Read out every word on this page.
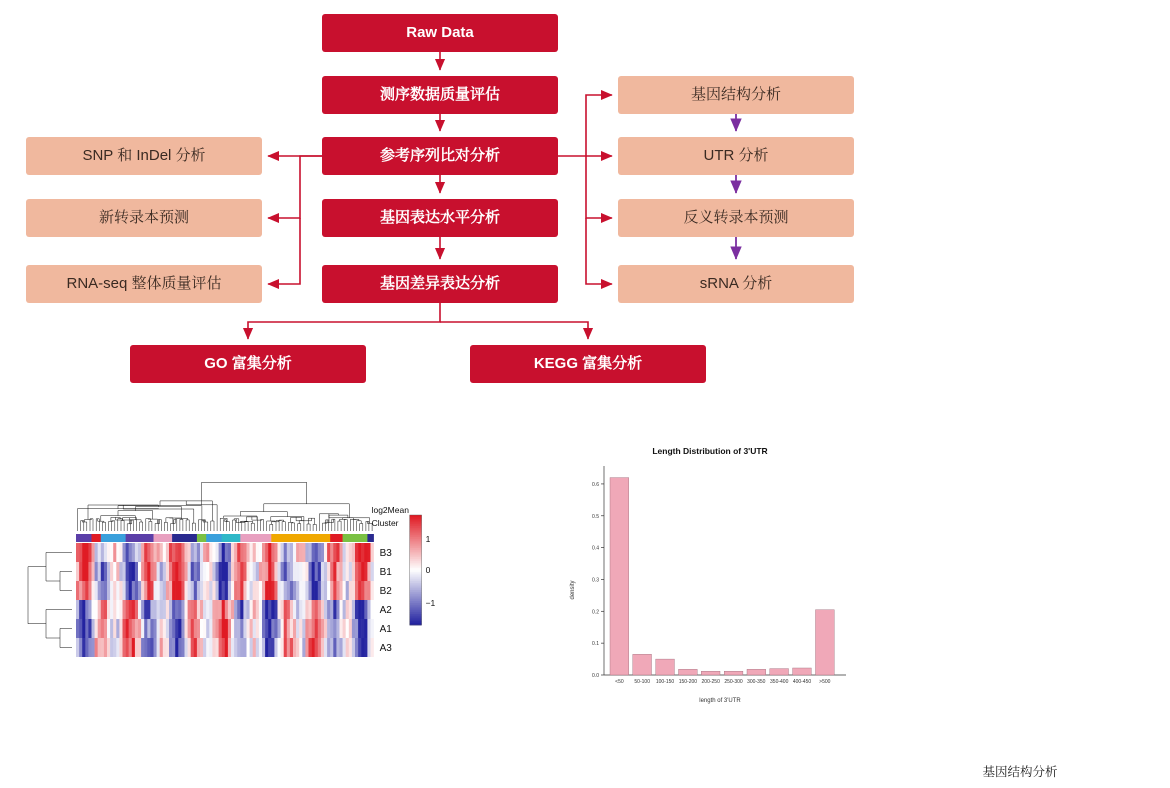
Raw Data
测序数据质量评估
参考序列比对分析
基因表达水平分析
基因差异表达分析
SNP 和 InDel 分析
新转录本预测
RNA-seq 整体质量评估
基因结构分析
UTR 分析
反义转录本预测
sRNA 分析
GO 富集分析	KEGG 富集分析
B3
B1
B2
A2
A1
A3
log2Mean
Cluster
1
0
−1
Length Distribution of 3'UTR
0.0
0.1
0.2
0.3
0.4
0.5
0.6
<50 50-100 100-150 150-200 200-250 250-300 300-350 350-400 400-450 >500
density
length of 3'UTR
基因结构分析
